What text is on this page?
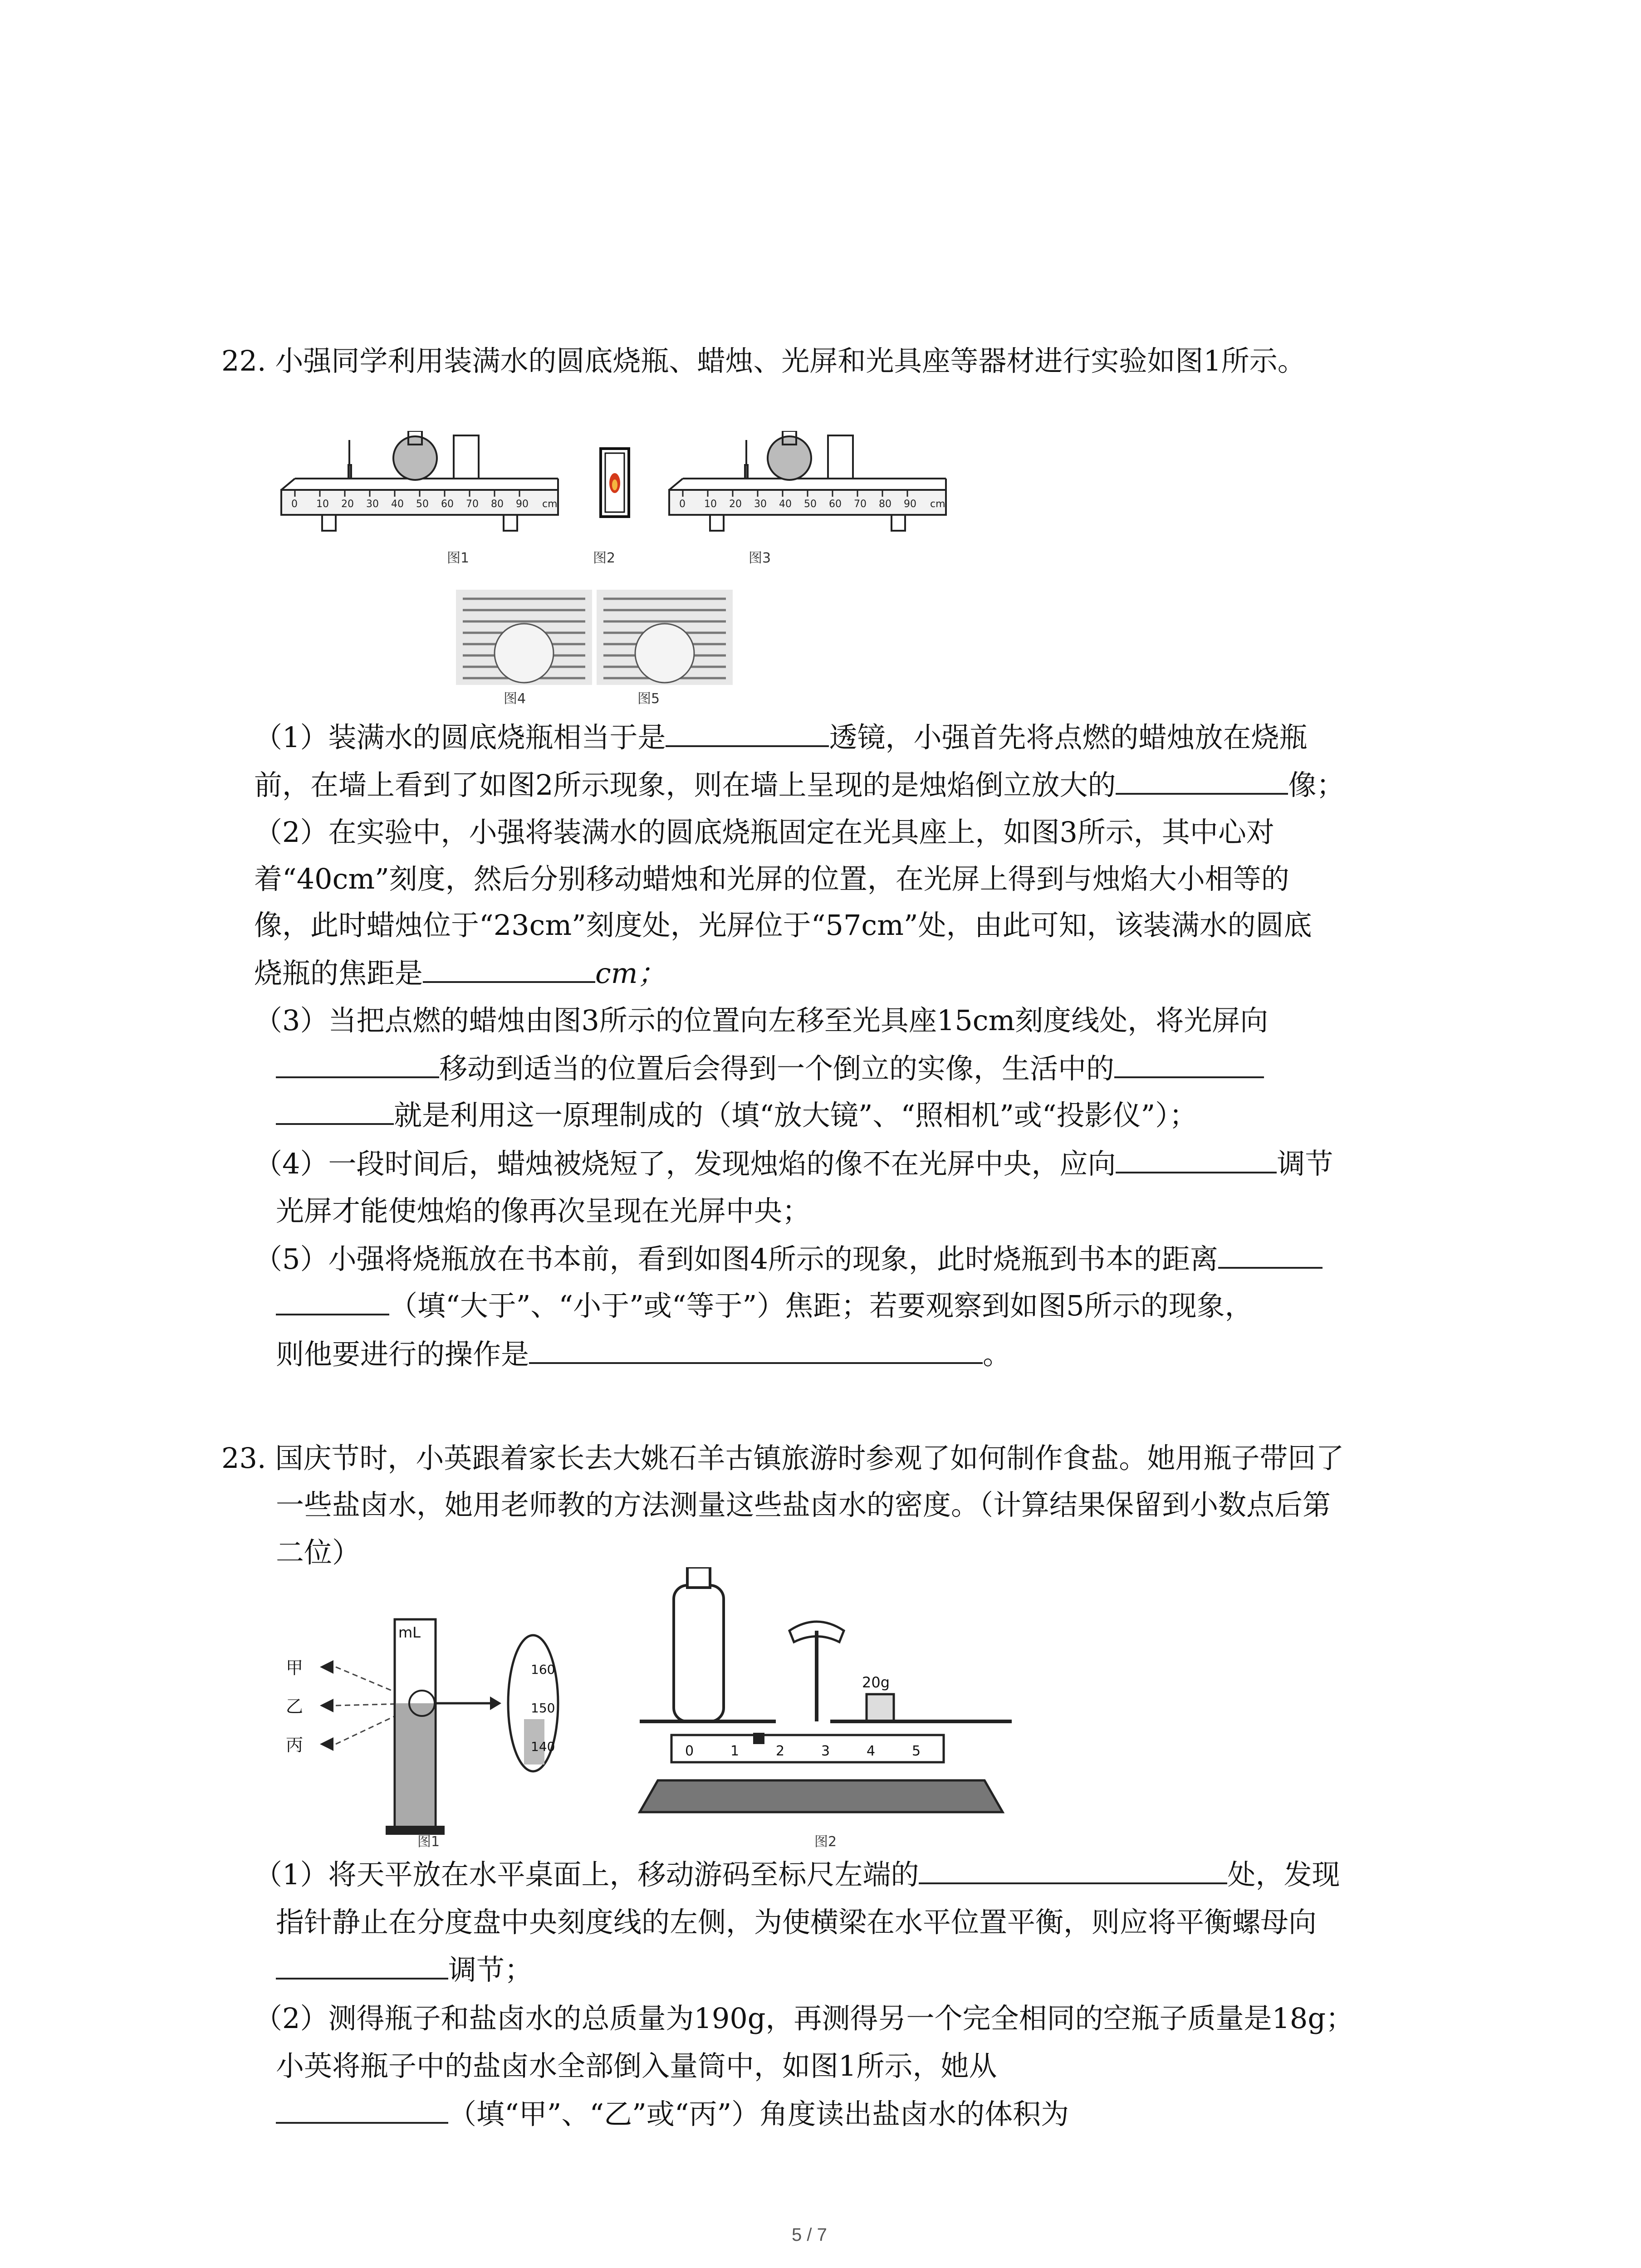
22. 小强同学利用装满水的圆底烧瓶、蜡烛、光屏和光具座等器材进行实验如图1所示。
0 10 20 30 40 50 60 70 80 90 cm
图1	图2
0 10 20 30 40 50 60 70 80 90 cm
图3
图4	图5
（1）装满水的圆底烧瓶相当于是	透镜，小强首先将点燃的蜡烛放在烧瓶
前，在墙上看到了如图2所示现象，则在墙上呈现的是烛焰倒立放大的	像；
（2）在实验中，小强将装满水的圆底烧瓶固定在光具座上，如图3所示，其中心对
着“40cm”刻度，然后分别移动蜡烛和光屏的位置，在光屏上得到与烛焰大小相等的
像，此时蜡烛位于“23cm”刻度处，光屏位于“57cm”处，由此可知，该装满水的圆底
烧瓶的焦距是	cm；
（3）当把点燃的蜡烛由图3所示的位置向左移至光具座15cm刻度线处，将光屏向
移动到适当的位置后会得到一个倒立的实像，生活中的
就是利用这一原理制成的（填“放大镜”、“照相机”或“投影仪”）；
（4）一段时间后，蜡烛被烧短了，发现烛焰的像不在光屏中央，应向	调节
光屏才能使烛焰的像再次呈现在光屏中央；
（5）小强将烧瓶放在书本前，看到如图4所示的现象，此时烧瓶到书本的距离
（填“大于”、“小于”或“等于”）焦距；若要观察到如图5所示的现象，
则他要进行的操作是	。
23. 国庆节时，小英跟着家长去大姚石羊古镇旅游时参观了如何制作食盐。她用瓶子带回了
一些盐卤水，她用老师教的方法测量这些盐卤水的密度。（计算结果保留到小数点后第
二位）
甲
乙
丙
mL
160
150
140
图1
20g
0	1	2	3	4	5
图2
（1）将天平放在水平桌面上，移动游码至标尺左端的	处，发现
指针静止在分度盘中央刻度线的左侧，为使横梁在水平位置平衡，则应将平衡螺母向
调节；
（2）测得瓶子和盐卤水的总质量为190g，再测得另一个完全相同的空瓶子质量是18g；
小英将瓶子中的盐卤水全部倒入量筒中，如图1所示，她从
（填“甲”、“乙”或“丙”）角度读出盐卤水的体积为
5 / 7
